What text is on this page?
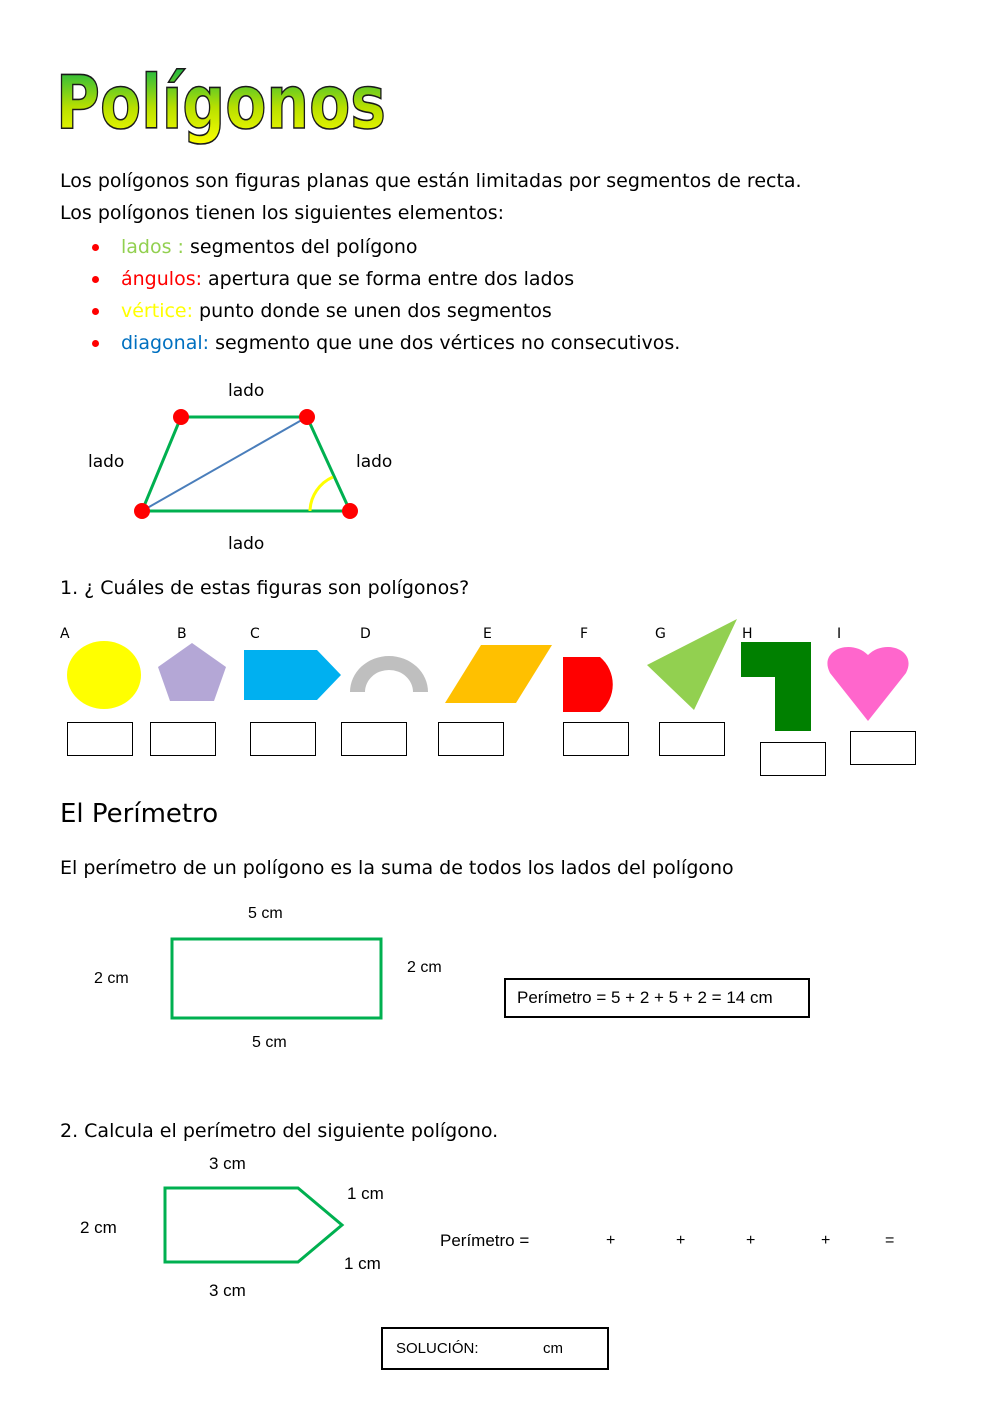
Polígonos
Los polígonos son figuras planas que están limitadas por segmentos de recta.
Los polígonos tienen los siguientes elementos:
lados : segmentos del polígono
ángulos: apertura que se forma entre dos lados
vértice: punto donde se unen dos segmentos
diagonal: segmento que une dos vértices no consecutivos.
lado
lado	lado
lado
1. ¿ Cuáles de estas figuras son polígonos?
A	B	C	D	E	F	G	H	I
El Perímetro
El perímetro de un polígono es la suma de todos los lados del polígono
5 cm
2 cm
2 cm
5 cm
Perímetro = 5 + 2 + 5 + 2 = 14 cm
2. Calcula el perímetro del siguiente polígono.
3 cm
2 cm
1 cm
1 cm
3 cm
Perímetro =	+	+	+	+	=
SOLUCIÓN:	cm
